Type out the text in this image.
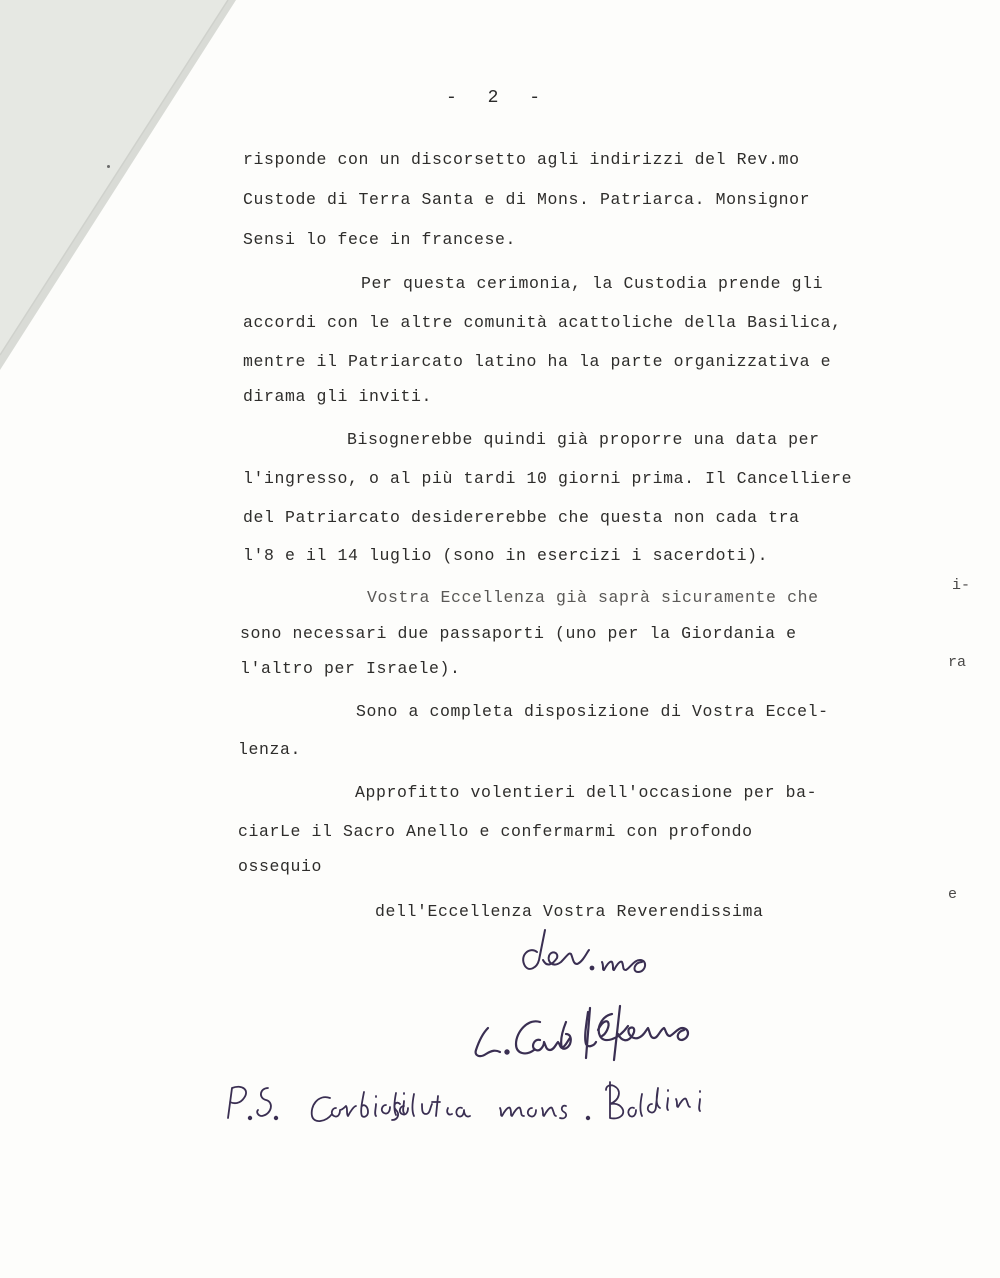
- 2 -
risponde con un discorsetto agli indirizzi del Rev.mo
Custode di Terra Santa e di Mons. Patriarca. Monsignor
Sensi lo fece in francese.
Per questa cerimonia, la Custodia prende gli
accordi con le altre comunità acattoliche della Basilica,
mentre il Patriarcato latino ha la parte organizzativa e
dirama gli inviti.
Bisognerebbe quindi già proporre una data per
l'ingresso, o al più tardi 10 giorni prima. Il Cancelliere
del Patriarcato desidererebbe che questa non cada tra
l'8 e il 14 luglio (sono in esercizi i sacerdoti).
Vostra Eccellenza già saprà sicuramente che
sono necessari due passaporti (uno per la Giordania e
l'altro per Israele).
Sono a completa disposizione di Vostra Eccel-
lenza.
Approfitto volentieri dell'occasione per ba-
ciarLe il Sacro Anello e confermarmi con profondo
ossequio
dell'Eccellenza Vostra Reverendissima
i-
ra
e
